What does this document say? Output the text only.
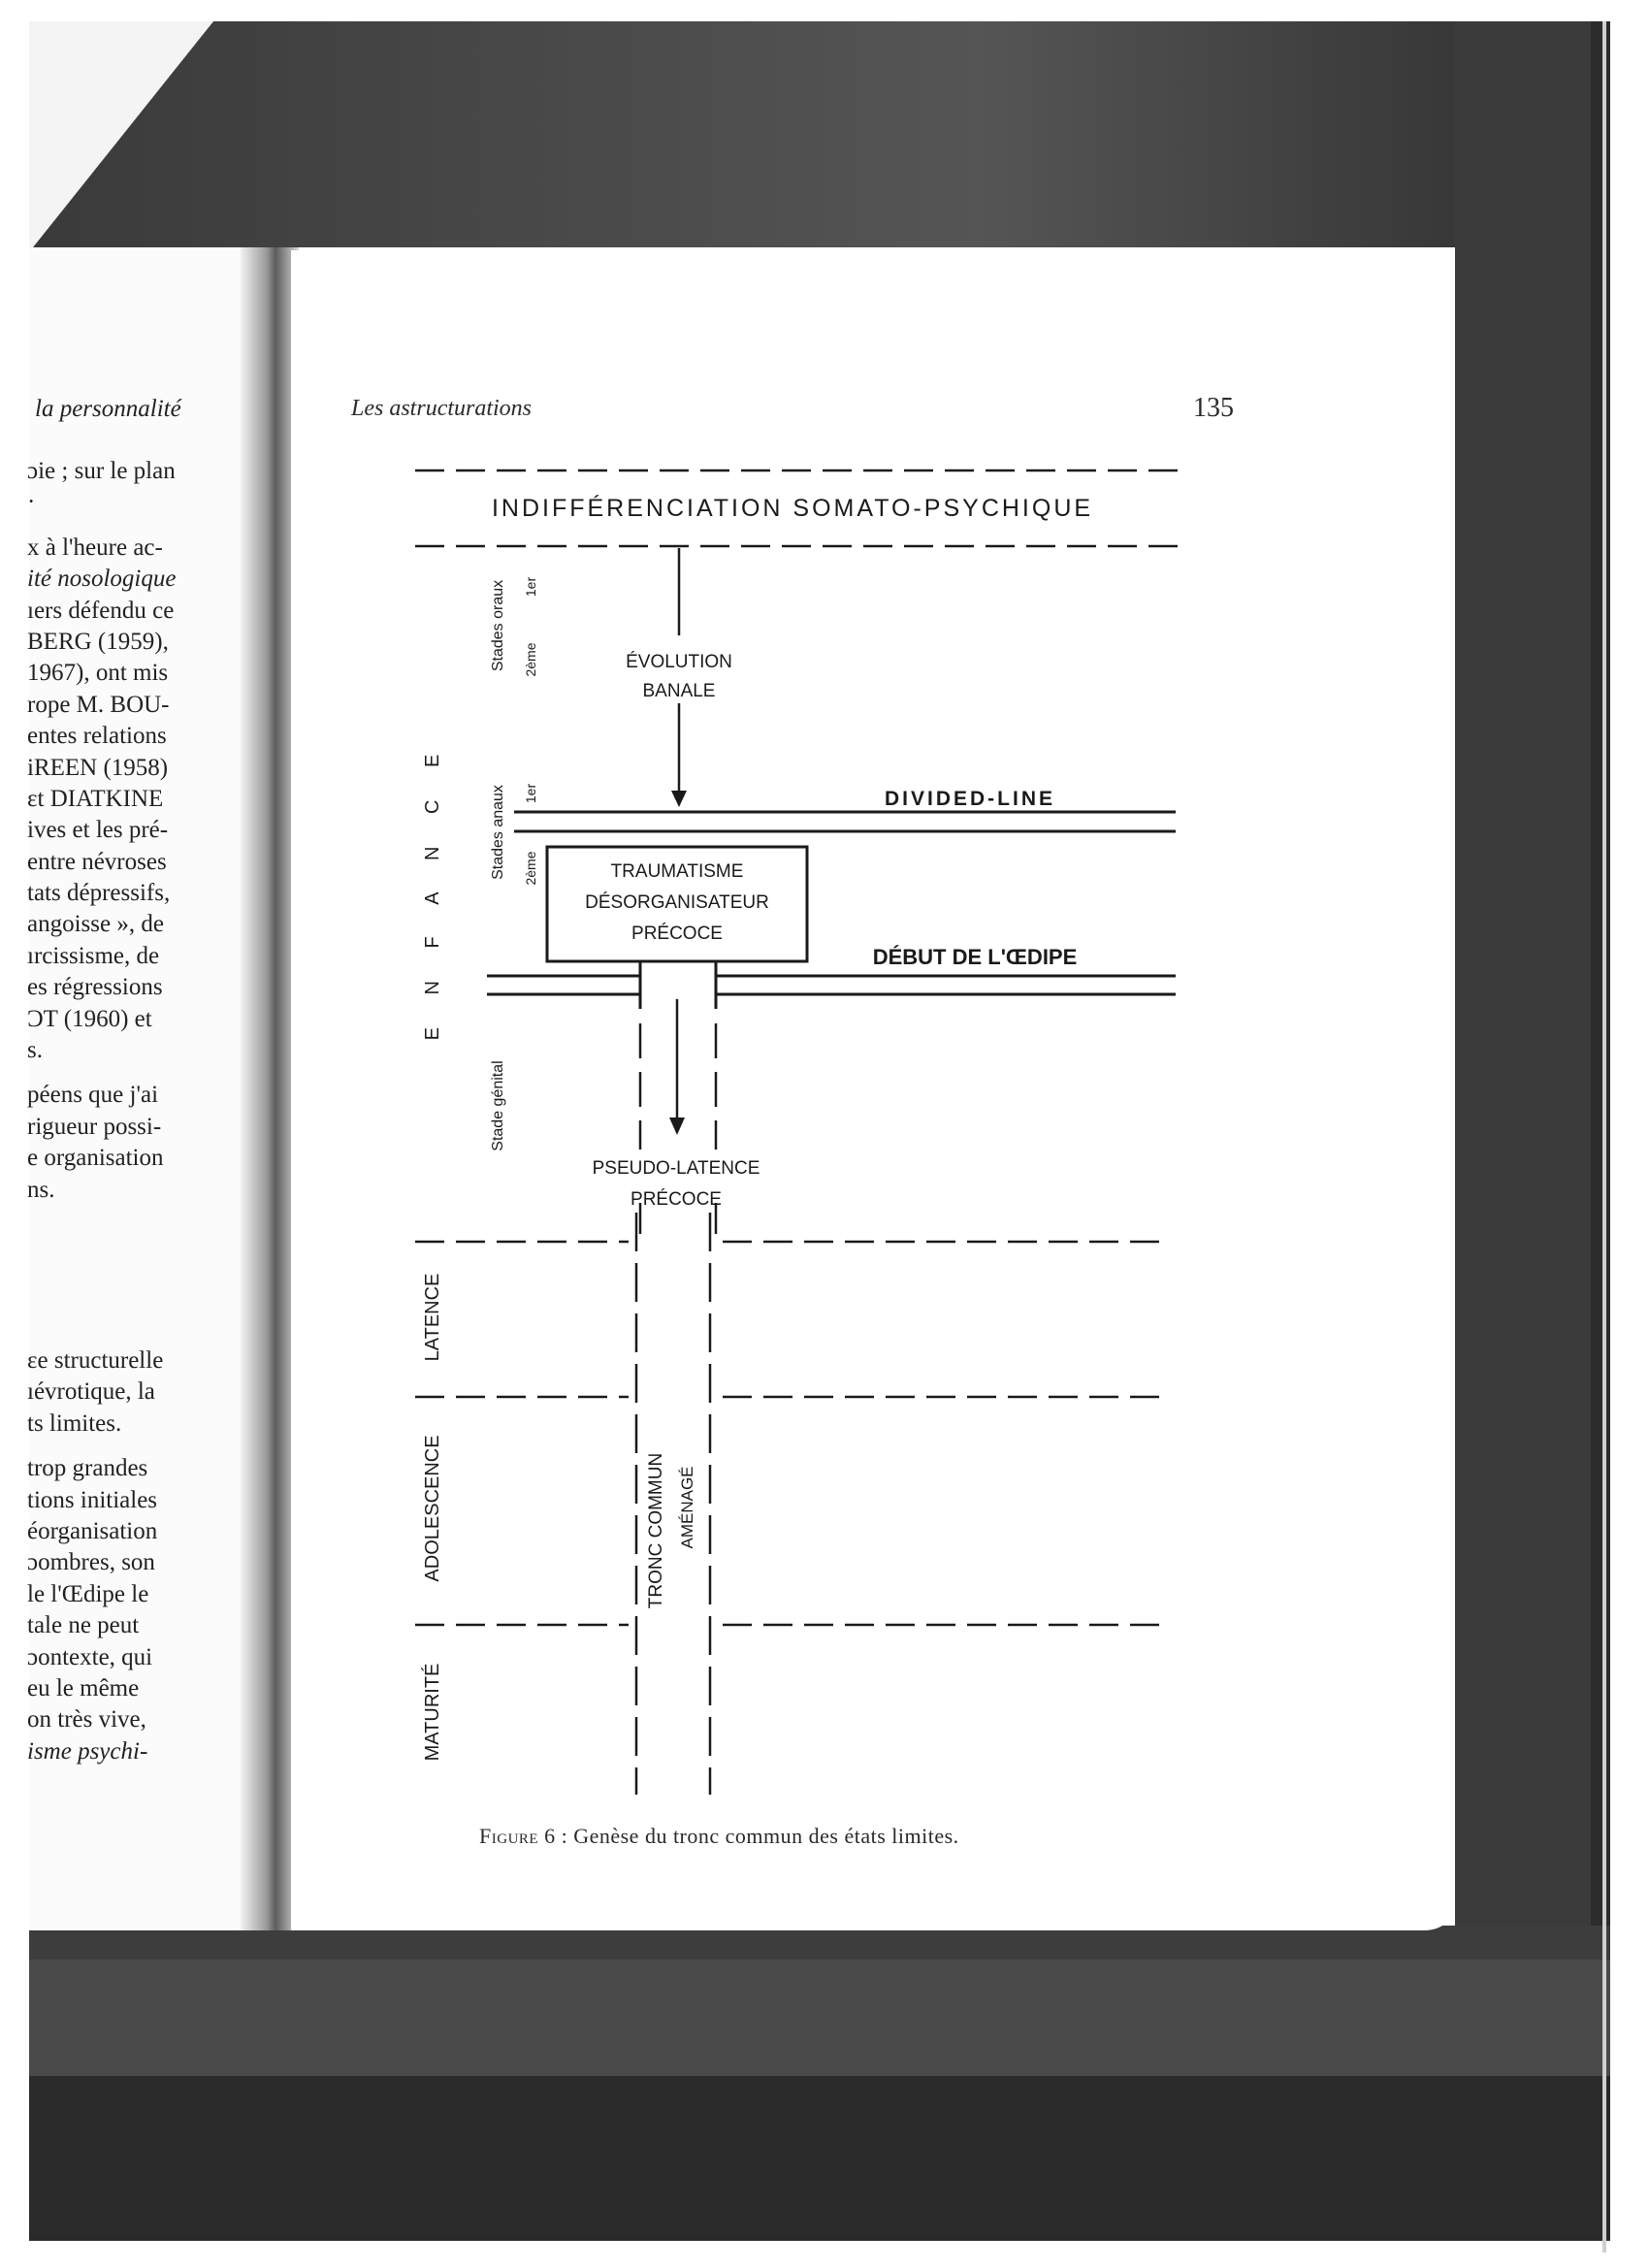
la personnalité
ɔie ; sur le plan
·
x à l'heure ac-
ité nosologique
ıers défendu ce
BERG (1959),
1967), ont mis
rope M. BOU-
entes relations
iREEN (1958)
ɛt DIATKINE
ives et les pré-
entre névroses
tats dépressifs,
angoisse », de
ırcissisme, de
es régressions
ƆT (1960) et
s.
péens que j'ai
rigueur possi-
e organisation
ns.
ɛe structurelle
ıévrotique, la
ts limites.
trop grandes
tions initiales
éorganisation
ɔombres, son
le l'Œdipe le
tale ne peut
ɔontexte, qui
eu le même
on très vive,
isme psychi-
Les astructurations	135
INDIFFÉRENCIATION SOMATO-PSYCHIQUE
ÉVOLUTION
BANALE
DIVIDED-LINE
TRAUMATISME
DÉSORGANISATEUR
PRÉCOCE
DÉBUT DE L'ŒDIPE
PSEUDO-LATENCE
PRÉCOCE
TRONC COMMUN AMÉNAGÉ
E N F A N C E
LATENCE
ADOLESCENCE
MATURITÉ
Stades oraux 1er
2ème
Stades anaux 1er
2ème
Stade génital
Figure 6 : Genèse du tronc commun des états limites.
